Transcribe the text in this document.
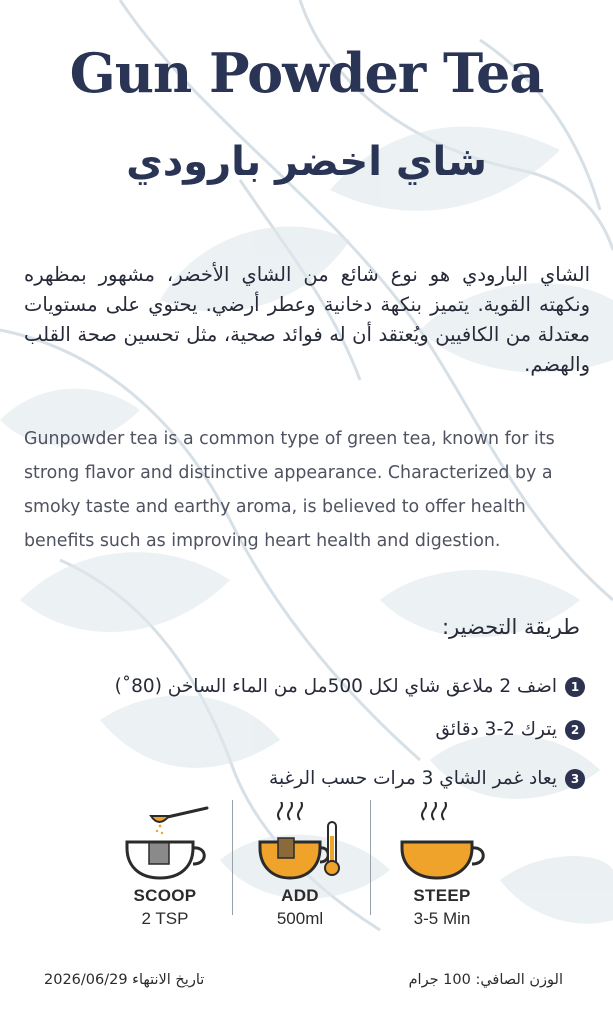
Gun Powder Tea
شاي اخضر بارودي

الشاي البارودي هو نوع شائع من الشاي الأخضر، مشهور بمظهره ونكهته القوية. يتميز بنكهة دخانية وعطر أرضي. يحتوي على مستويات معتدلة من الكافيين ويُعتقد أن له فوائد صحية، مثل تحسين صحة القلب والهضم.

Gunpowder tea is a common type of green tea, known for its strong flavor and distinctive appearance. Characterized by a smoky taste and earthy aroma, is believed to offer health benefits such as improving heart health and digestion.

طريقة التحضير:
1
اضف 2 ملاعق شاي لكل 500مل من الماء الساخن (80˚)
2
يترك 2-3 دقائق
3
يعاد غمر الشاي 3 مرات حسب الرغبة
SCOOP
2 TSP
ADD
500ml
STEEP
3-5 Min
تاريخ الانتهاء 2026/06/29	الوزن الصافي: 100 جرام
